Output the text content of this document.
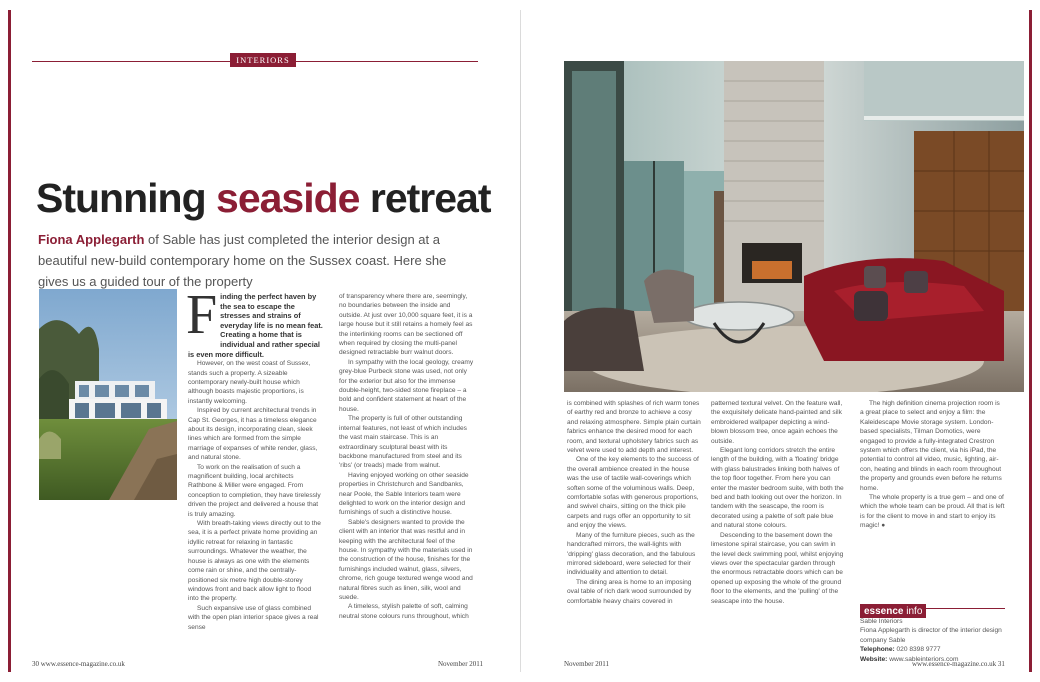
INTERIORS
Stunning seaside retreat

Fiona Applegarth of Sable has just completed the interior design at a beautiful new-build contemporary home on the Sussex coast. Here she gives us a guided tour of the property

F inding the perfect haven by the sea to escape the stresses and strains of everyday life is no mean feat. Creating a home that is individual and rather special is even more difficult.

However, on the west coast of Sussex, stands such a property. A sizeable contemporary newly-built house which although boasts majestic proportions, is instantly welcoming.

Inspired by current architectural trends in Cap St. Georges, it has a timeless elegance about its design, incorporating clean, sleek lines which are formed from the simple marriage of expanses of white render, glass, and natural stone.

To work on the realisation of such a magnificent building, local architects Rathbone & Miller were engaged. From conception to completion, they have tirelessly driven the project and delivered a house that is truly amazing.

With breath-taking views directly out to the sea, it is a perfect private home providing an idyllic retreat for relaxing in fantastic surroundings. Whatever the weather, the house is always as one with the elements come rain or shine, and the centrally-positioned six metre high double-storey windows front and back allow light to flood into the property.

Such expansive use of glass combined with the open plan interior space gives a real sense

of transparency where there are, seemingly, no boundaries between the inside and outside. At just over 10,000 square feet, it is a large house but it still retains a homely feel as the interlinking rooms can be sectioned off when required by closing the multi-panel designed retractable burr walnut doors.

In sympathy with the local geology, creamy grey-blue Purbeck stone was used, not only for the exterior but also for the immense double-height, two-sided stone fireplace – a bold and confident statement at heart of the house.

The property is full of other outstanding internal features, not least of which includes the vast main staircase. This is an extraordinary sculptural beast with its backbone manufactured from steel and its 'ribs' (or treads) made from walnut.

Having enjoyed working on other seaside properties in Christchurch and Sandbanks, near Poole, the Sable Interiors team were delighted to work on the interior design and furnishings of such a distinctive house.

Sable's designers wanted to provide the client with an interior that was restful and in keeping with the architectural feel of the house. In sympathy with the materials used in the construction of the house, finishes for the furnishings included walnut, glass, silvers, chrome, rich gouge textured wenge wood and natural fibres such as linen, silk, wool and suede.

A timeless, stylish palette of soft, calming neutral stone colours runs throughout, which

is combined with splashes of rich warm tones of earthy red and bronze to achieve a cosy and relaxing atmosphere. Simple plain curtain fabrics enhance the desired mood for each room, and textural upholstery fabrics such as velvet were used to add depth and interest.

One of the key elements to the success of the overall ambience created in the house was the use of tactile wall-coverings which soften some of the voluminous walls. Deep, comfortable sofas with generous proportions, and swivel chairs, sitting on the thick pile carpets and rugs offer an opportunity to sit and enjoy the views.

Many of the furniture pieces, such as the handcrafted mirrors, the wall-lights with 'dripping' glass decoration, and the fabulous mirrored sideboard, were selected for their individuality and attention to detail.

The dining area is home to an imposing oval table of rich dark wood surrounded by comfortable heavy chairs covered in

patterned textural velvet. On the feature wall, the exquisitely delicate hand-painted and silk embroidered wallpaper depicting a wind-blown blossom tree, once again echoes the outside.

Elegant long corridors stretch the entire length of the building, with a 'floating' bridge with glass balustrades linking both halves of the top floor together. From here you can enter the master bedroom suite, with both the bed and bath looking out over the horizon. In tandem with the seascape, the room is decorated using a palette of soft pale blue and natural stone colours.

Descending to the basement down the limestone spiral staircase, you can swim in the level deck swimming pool, whilst enjoying views over the spectacular garden through the enormous retractable doors which can be opened up exposing the whole of the ground floor to the elements, and the 'pulling' of the seascape into the house.

The high definition cinema projection room is a great place to select and enjoy a film: the Kaleidescape Movie storage system. London-based specialists, Tilman Domotics, were engaged to provide a fully-integrated Crestron system which offers the client, via his iPad, the potential to control all video, music, lighting, air-con, heating and blinds in each room throughout the property and grounds even before he returns home.

The whole property is a true gem – and one of which the whole team can be proud. All that is left is for the client to move in and start to enjoy its magic! ●

essence info
Sable Interiors
Fiona Applegarth is director of the interior design company Sable
Telephone: 020 8398 9777
Website: www.sableinteriors.com
30 www.essence-magazine.co.uk	November 2011	November 2011	www.essence-magazine.co.uk 31
